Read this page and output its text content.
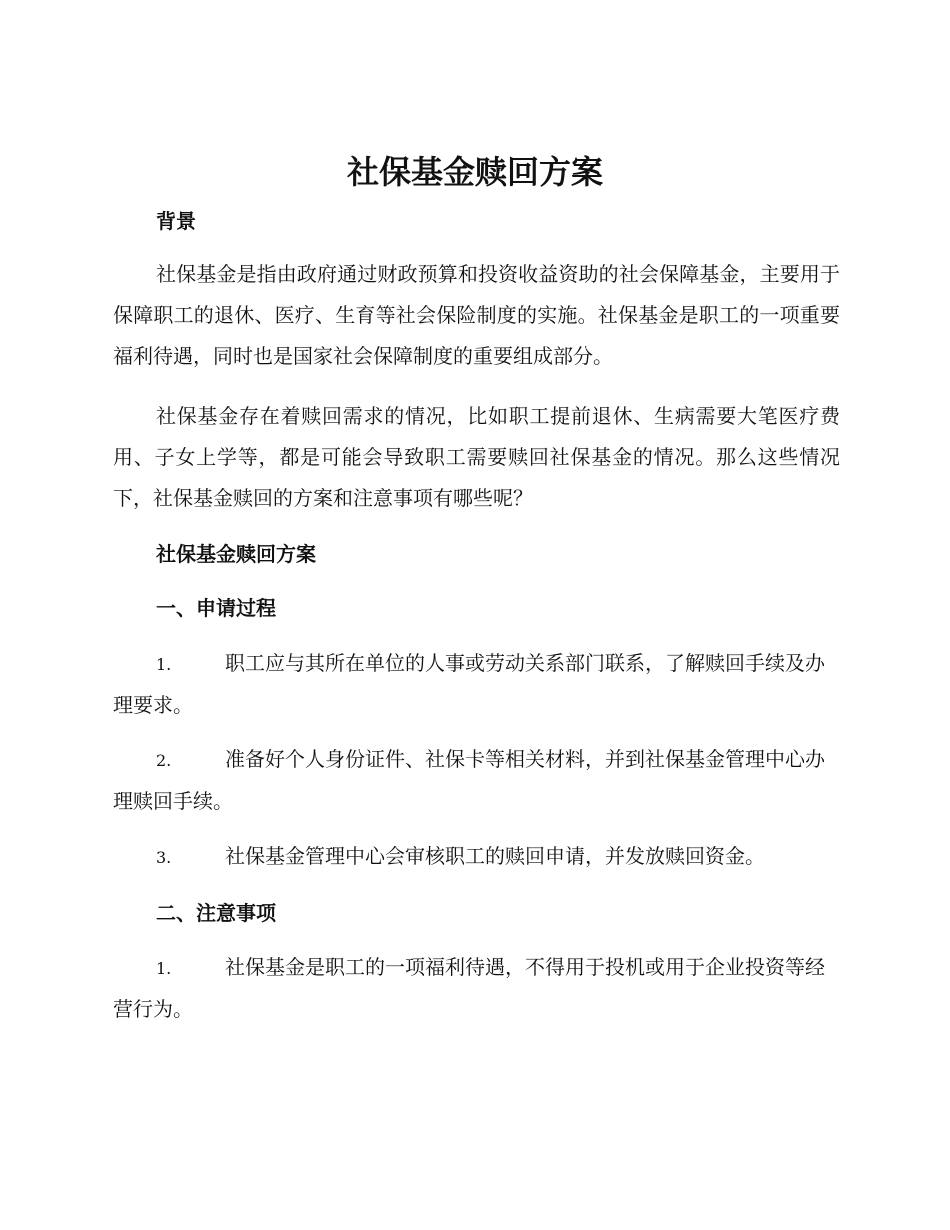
社保基金赎回方案
背景

社保基金是指由政府通过财政预算和投资收益资助的社会保障基金，主要用于保障职工的退休、医疗、生育等社会保险制度的实施。社保基金是职工的一项重要福利待遇，同时也是国家社会保障制度的重要组成部分。

社保基金存在着赎回需求的情况，比如职工提前退休、生病需要大笔医疗费用、子女上学等，都是可能会导致职工需要赎回社保基金的情况。那么这些情况下，社保基金赎回的方案和注意事项有哪些呢？

社保基金赎回方案
一、申请过程

1.	职工应与其所在单位的人事或劳动关系部门联系，了解赎回手续及办理要求。

2.	准备好个人身份证件、社保卡等相关材料，并到社保基金管理中心办理赎回手续。

3.	社保基金管理中心会审核职工的赎回申请，并发放赎回资金。

二、注意事项

1.	社保基金是职工的一项福利待遇，不得用于投机或用于企业投资等经营行为。
